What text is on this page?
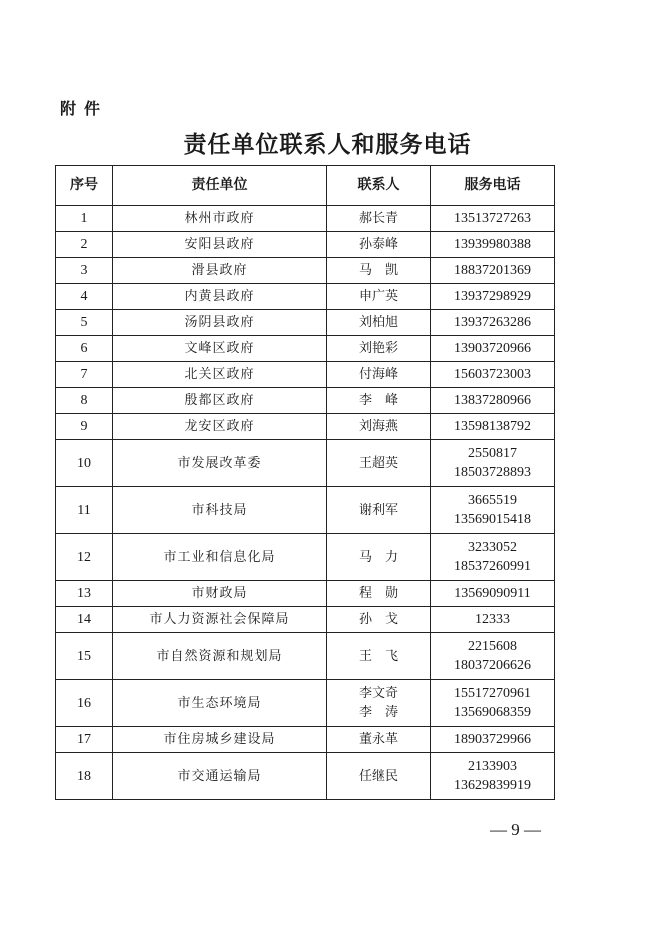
附件
责任单位联系人和服务电话
序号	责任单位	联系人	服务电话
1	林州市政府	郝长青	13513727263

2	安阳县政府	孙泰峰	13939980388

3	滑县政府	马　凯	18837201369

4	内黄县政府	申广英	13937298929

5	汤阴县政府	刘柏旭	13937263286

6	文峰区政府	刘艳彩	13903720966

7	北关区政府	付海峰	15603723003

8	殷都区政府	李　峰	13837280966

9	龙安区政府	刘海燕	13598138792

10	市发展改革委	王超英	2550817
18503728893

11	市科技局	谢利军	3665519
13569015418

12	市工业和信息化局	马　力	3233052
18537260991

13	市财政局	程　勋	13569090911

14	市人力资源社会保障局	孙　戈	12333

15	市自然资源和规划局	王　飞	2215608
18037206626

16	市生态环境局	李文奇
李　涛	15517270961
13569068359

17	市住房城乡建设局	董永革	18903729966

18	市交通运输局	任继民	2133903
13629839919
— 9 —
